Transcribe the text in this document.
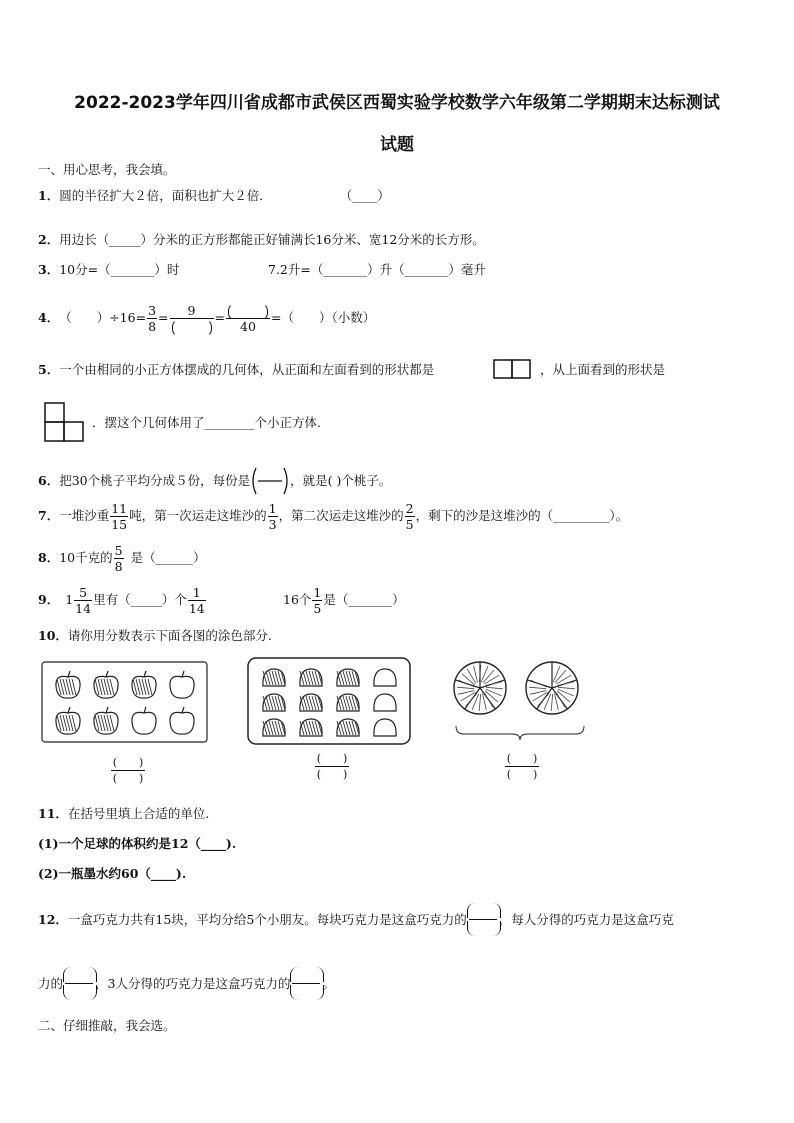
2022-2023学年四川省成都市武侯区西蜀实验学校数学六年级第二学期期末达标测试
试题
一、用心思考，我会填。
1．圆的半径扩大２倍，面积也扩大２倍．	（____）
2．用边长（_____）分米的正方形都能正好铺满长16分米、宽12分米的长方形。
3．10分=（_______）时	7.2升=（_______）升（_______）毫升
4． （　　）$\div 16= \frac{3}{8}$ =	9	=
40
=（　　）（小数）
5．一个由相同的小正方体摆成的几何体，从正面和左面看到的形状都是	，从上面看到的形状是
．摆这个几何体用了________个小正方体.
6． 把30个桃子平均分成５份，每份是	，就是( )个桃子。
7． 一堆沙重 $\frac{11}{15}$ 吨，第一次运走这堆沙的 $\frac{1}{3}$ ，第二次运走这堆沙的 $\frac{2}{5}$ ，剩下的沙是这堆沙的（_________）。
8． 10千克的 $\frac{5}{8}$ 是（______）
9． $1 \frac{5}{14}$ 里有（_____）个 $\frac{1}{14}$	16个 $\frac{1}{5}$ 是（_______）
10．请你用分数表示下面各图的涂色部分.
(　　)
(　　)
(　　)
(　　)
(　　)
(　　)
11．在括号里填上合适的单位.
(1)一个足球的体积约是12（____).
(2)一瓶墨水约60（____).
12． 一盒巧克力共有15块，平均分给5个小朋友。每块巧克力是这盒巧克力的	，每人分得的巧克力是这盒巧克
力的	，3人分得的巧克力是这盒巧克力的	。
二、仔细推敲，我会选。
